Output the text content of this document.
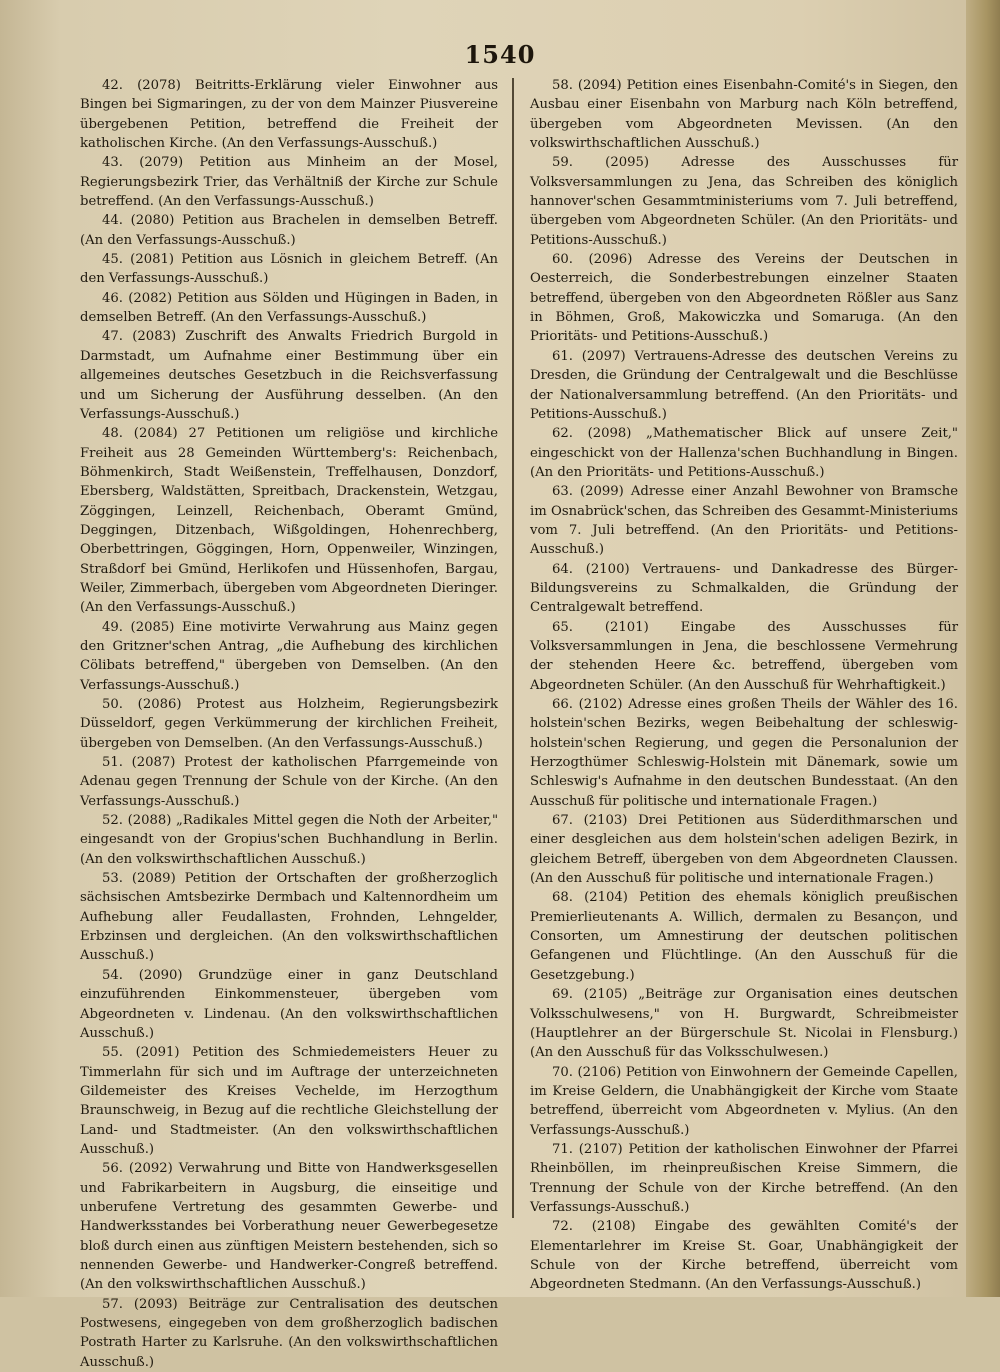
1540

42. (2078) Beitritts-Erklärung vieler Einwohner aus Bingen bei Sigmaringen, zu der von dem Mainzer Piusvereine übergebenen Petition, betreffend die Freiheit der katholischen Kirche. (An den Verfassungs-Ausschuß.)

43. (2079) Petition aus Minheim an der Mosel, Regierungsbezirk Trier, das Verhältniß der Kirche zur Schule betreffend. (An den Verfassungs-Ausschuß.)

44. (2080) Petition aus Brachelen in demselben Betreff. (An den Verfassungs-Ausschuß.)

45. (2081) Petition aus Lösnich in gleichem Betreff. (An den Verfassungs-Ausschuß.)

46. (2082) Petition aus Sölden und Hügingen in Baden, in demselben Betreff. (An den Verfassungs-Ausschuß.)

47. (2083) Zuschrift des Anwalts Friedrich Burgold in Darmstadt, um Aufnahme einer Bestimmung über ein allgemeines deutsches Gesetzbuch in die Reichsverfassung und um Sicherung der Ausführung desselben. (An den Verfassungs-Ausschuß.)

48. (2084) 27 Petitionen um religiöse und kirchliche Freiheit aus 28 Gemeinden Württemberg's: Reichenbach, Böhmenkirch, Stadt Weißenstein, Treffelhausen, Donzdorf, Ebersberg, Waldstätten, Spreitbach, Drackenstein, Wetzgau, Zöggingen, Leinzell, Reichenbach, Oberamt Gmünd, Deggingen, Ditzenbach, Wißgoldingen, Hohenrechberg, Oberbettringen, Göggingen, Horn, Oppenweiler, Winzingen, Straßdorf bei Gmünd, Herlikofen und Hüssenhofen, Bargau, Weiler, Zimmerbach, übergeben vom Abgeordneten Dieringer. (An den Verfassungs-Ausschuß.)

49. (2085) Eine motivirte Verwahrung aus Mainz gegen den Gritzner'schen Antrag, „die Aufhebung des kirchlichen Cölibats betreffend," übergeben von Demselben. (An den Verfassungs-Ausschuß.)

50. (2086) Protest aus Holzheim, Regierungsbezirk Düsseldorf, gegen Verkümmerung der kirchlichen Freiheit, übergeben von Demselben. (An den Verfassungs-Ausschuß.)

51. (2087) Protest der katholischen Pfarrgemeinde von Adenau gegen Trennung der Schule von der Kirche. (An den Verfassungs-Ausschuß.)

52. (2088) „Radikales Mittel gegen die Noth der Arbeiter," eingesandt von der Gropius'schen Buchhandlung in Berlin. (An den volkswirthschaftlichen Ausschuß.)

53. (2089) Petition der Ortschaften der großherzoglich sächsischen Amtsbezirke Dermbach und Kaltennordheim um Aufhebung aller Feudallasten, Frohnden, Lehngelder, Erbzinsen und dergleichen. (An den volkswirthschaftlichen Ausschuß.)

54. (2090) Grundzüge einer in ganz Deutschland einzuführenden Einkommensteuer, übergeben vom Abgeordneten v. Lindenau. (An den volkswirthschaftlichen Ausschuß.)

55. (2091) Petition des Schmiedemeisters Heuer zu Timmerlahn für sich und im Auftrage der unterzeichneten Gildemeister des Kreises Vechelde, im Herzogthum Braunschweig, in Bezug auf die rechtliche Gleichstellung der Land- und Stadtmeister. (An den volkswirthschaftlichen Ausschuß.)

56. (2092) Verwahrung und Bitte von Handwerksgesellen und Fabrikarbeitern in Augsburg, die einseitige und unberufene Vertretung des gesammten Gewerbe- und Handwerksstandes bei Vorberathung neuer Gewerbegesetze bloß durch einen aus zünftigen Meistern bestehenden, sich so nennenden Gewerbe- und Handwerker-Congreß betreffend. (An den volkswirthschaftlichen Ausschuß.)

57. (2093) Beiträge zur Centralisation des deutschen Postwesens, eingegeben von dem großherzoglich badischen Postrath Harter zu Karlsruhe. (An den volkswirthschaftlichen Ausschuß.)

58. (2094) Petition eines Eisenbahn-Comité's in Siegen, den Ausbau einer Eisenbahn von Marburg nach Köln betreffend, übergeben vom Abgeordneten Mevissen. (An den volkswirthschaftlichen Ausschuß.)

59. (2095) Adresse des Ausschusses für Volksversammlungen zu Jena, das Schreiben des königlich hannover'schen Gesammtministeriums vom 7. Juli betreffend, übergeben vom Abgeordneten Schüler. (An den Prioritäts- und Petitions-Ausschuß.)

60. (2096) Adresse des Vereins der Deutschen in Oesterreich, die Sonderbestrebungen einzelner Staaten betreffend, übergeben von den Abgeordneten Rößler aus Sanz in Böhmen, Groß, Makowiczka und Somaruga. (An den Prioritäts- und Petitions-Ausschuß.)

61. (2097) Vertrauens-Adresse des deutschen Vereins zu Dresden, die Gründung der Centralgewalt und die Beschlüsse der Nationalversammlung betreffend. (An den Prioritäts- und Petitions-Ausschuß.)

62. (2098) „Mathematischer Blick auf unsere Zeit," eingeschickt von der Hallenza'schen Buchhandlung in Bingen. (An den Prioritäts- und Petitions-Ausschuß.)

63. (2099) Adresse einer Anzahl Bewohner von Bramsche im Osnabrück'schen, das Schreiben des Gesammt-Ministeriums vom 7. Juli betreffend. (An den Prioritäts- und Petitions-Ausschuß.)

64. (2100) Vertrauens- und Dankadresse des Bürger-Bildungsvereins zu Schmalkalden, die Gründung der Centralgewalt betreffend.

65. (2101) Eingabe des Ausschusses für Volksversammlungen in Jena, die beschlossene Vermehrung der stehenden Heere &c. betreffend, übergeben vom Abgeordneten Schüler. (An den Ausschuß für Wehrhaftigkeit.)

66. (2102) Adresse eines großen Theils der Wähler des 16. holstein'schen Bezirks, wegen Beibehaltung der schleswig-holstein'schen Regierung, und gegen die Personalunion der Herzogthümer Schleswig-Holstein mit Dänemark, sowie um Schleswig's Aufnahme in den deutschen Bundesstaat. (An den Ausschuß für politische und internationale Fragen.)

67. (2103) Drei Petitionen aus Süderdithmarschen und einer desgleichen aus dem holstein'schen adeligen Bezirk, in gleichem Betreff, übergeben von dem Abgeordneten Claussen. (An den Ausschuß für politische und internationale Fragen.)

68. (2104) Petition des ehemals königlich preußischen Premierlieutenants A. Willich, dermalen zu Besançon, und Consorten, um Amnestirung der deutschen politischen Gefangenen und Flüchtlinge. (An den Ausschuß für die Gesetzgebung.)

69. (2105) „Beiträge zur Organisation eines deutschen Volksschulwesens," von H. Burgwardt, Schreibmeister (Hauptlehrer an der Bürgerschule St. Nicolai in Flensburg.) (An den Ausschuß für das Volksschulwesen.)

70. (2106) Petition von Einwohnern der Gemeinde Capellen, im Kreise Geldern, die Unabhängigkeit der Kirche vom Staate betreffend, überreicht vom Abgeordneten v. Mylius. (An den Verfassungs-Ausschuß.)

71. (2107) Petition der katholischen Einwohner der Pfarrei Rheinböllen, im rheinpreußischen Kreise Simmern, die Trennung der Schule von der Kirche betreffend. (An den Verfassungs-Ausschuß.)

72. (2108) Eingabe des gewählten Comité's der Elementarlehrer im Kreise St. Goar, Unabhängigkeit der Schule von der Kirche betreffend, überreicht vom Abgeordneten Stedmann. (An den Verfassungs-Ausschuß.)
